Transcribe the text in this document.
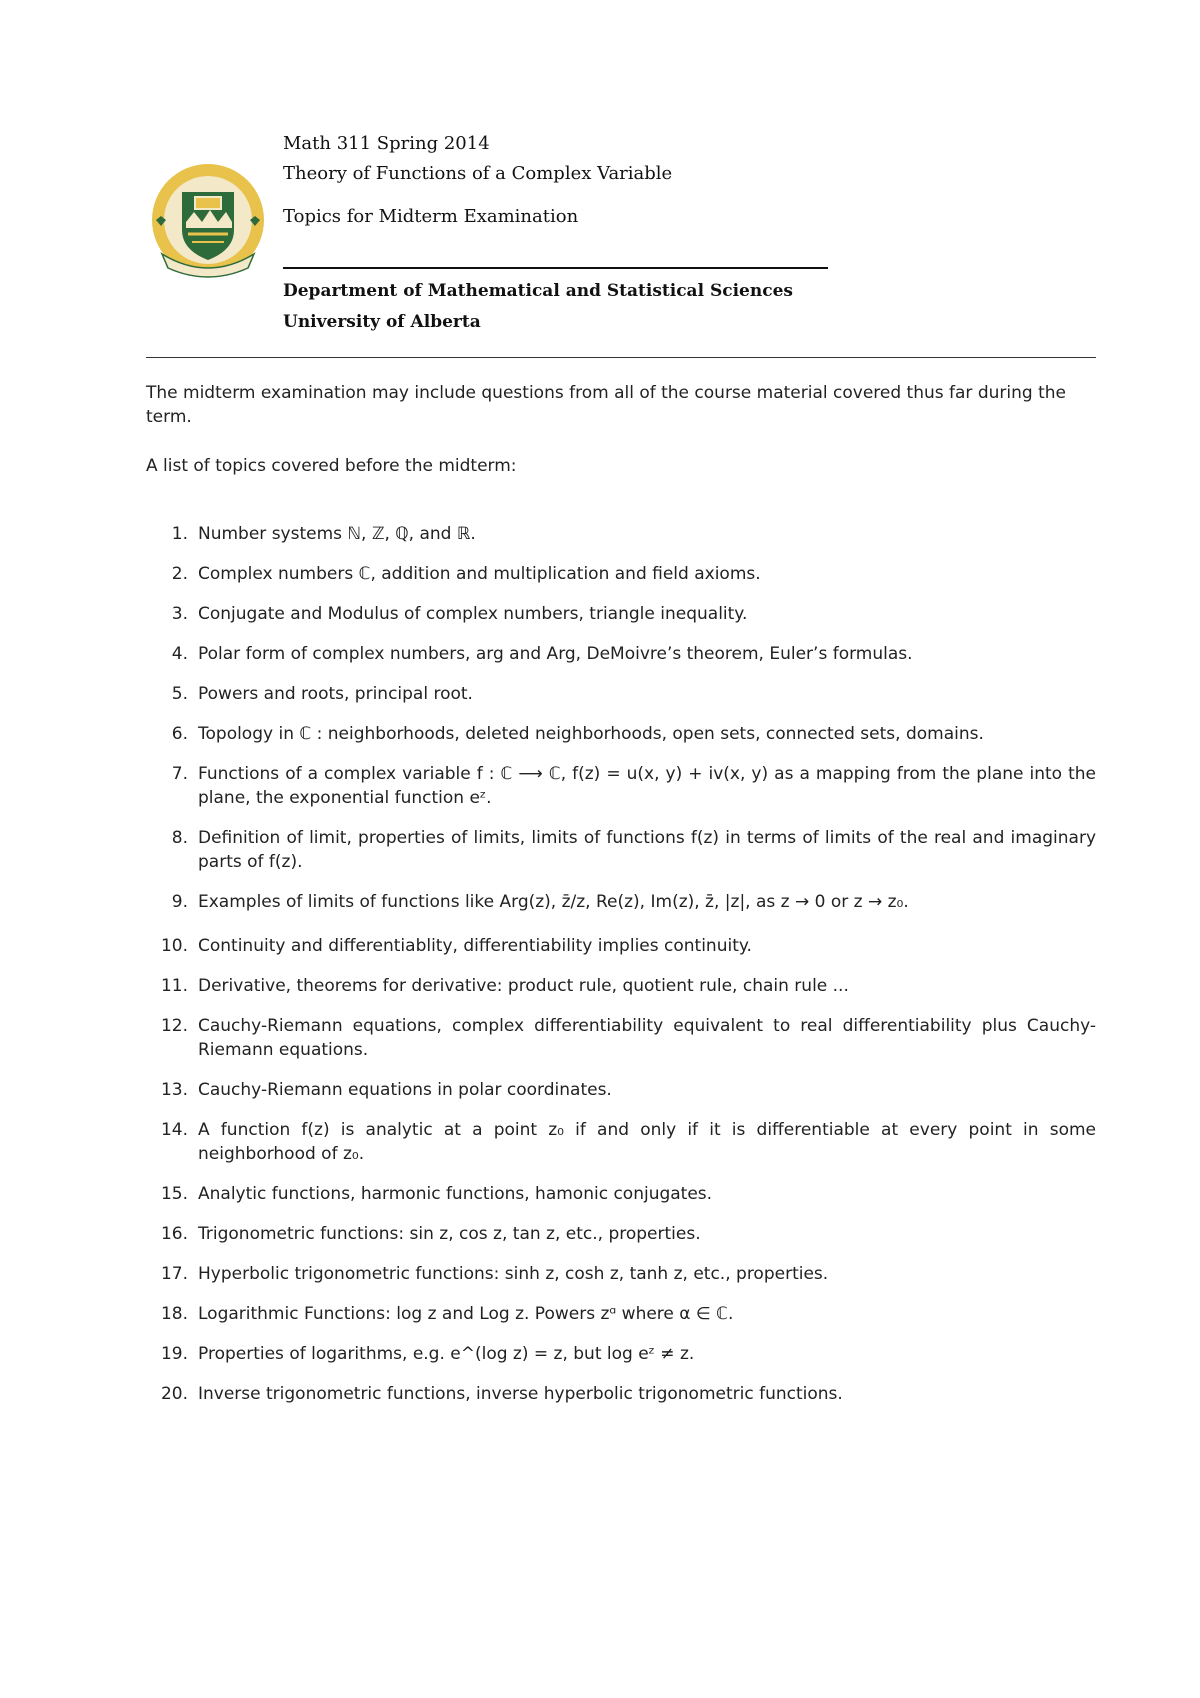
Math 311 Spring 2014

Theory of Functions of a Complex Variable

Topics for Midterm Examination

Department of Mathematical and Statistical Sciences

University of Alberta

The midterm examination may include questions from all of the course material covered thus far during the term.
A list of topics covered before the midterm:
1. Number systems ℕ, ℤ, ℚ, and ℝ.
2. Complex numbers ℂ, addition and multiplication and field axioms.
3. Conjugate and Modulus of complex numbers, triangle inequality.
4. Polar form of complex numbers, arg and Arg, DeMoivre’s theorem, Euler’s formulas.
5. Powers and roots, principal root.
6. Topology in ℂ : neighborhoods, deleted neighborhoods, open sets, connected sets, domains.
7. Functions of a complex variable f : ℂ ⟶ ℂ, f(z) = u(x, y) + iv(x, y) as a mapping from the plane into the plane, the exponential function eᶻ.
8. Definition of limit, properties of limits, limits of functions f(z) in terms of limits of the real and imaginary parts of f(z).
9. Examples of limits of functions like Arg(z), z̄/z, Re(z), Im(z), z̄, |z|, as z → 0 or z → z₀.
10. Continuity and differentiablity, differentiability implies continuity.
11. Derivative, theorems for derivative: product rule, quotient rule, chain rule ...
12. Cauchy-Riemann equations, complex differentiability equivalent to real differentiability plus Cauchy-Riemann equations.
13. Cauchy-Riemann equations in polar coordinates.
14. A function f(z) is analytic at a point z₀ if and only if it is differentiable at every point in some neighborhood of z₀.
15. Analytic functions, harmonic functions, hamonic conjugates.
16. Trigonometric functions: sin z, cos z, tan z, etc., properties.
17. Hyperbolic trigonometric functions: sinh z, cosh z, tanh z, etc., properties.
18. Logarithmic Functions: log z and Log z. Powers zᵅ where α ∈ ℂ.
19. Properties of logarithms, e.g. e^(log z) = z, but log eᶻ ≠ z.
20. Inverse trigonometric functions, inverse hyperbolic trigonometric functions.
